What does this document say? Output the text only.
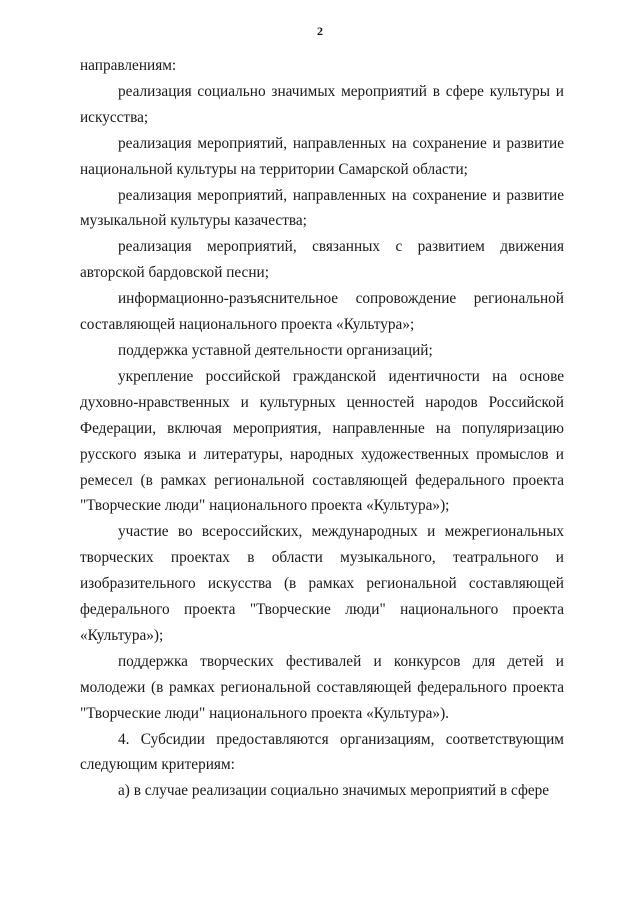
2

направлениям:

реализация социально значимых мероприятий в сфере культуры и искусства;

реализация мероприятий, направленных на сохранение и развитие национальной культуры на территории Самарской области;

реализация мероприятий, направленных на сохранение и развитие музыкальной культуры казачества;

реализация мероприятий, связанных с развитием движения авторской бардовской песни;

информационно-разъяснительное сопровождение региональной составляющей национального проекта «Культура»;

поддержка уставной деятельности организаций;

укрепление российской гражданской идентичности на основе духовно-нравственных и культурных ценностей народов Российской Федерации, включая мероприятия, направленные на популяризацию русского языка и литературы, народных художественных промыслов и ремесел (в рамках региональной составляющей федерального проекта "Творческие люди" национального проекта «Культура»);

участие во всероссийских, международных и межрегиональных творческих проектах в области музыкального, театрального и изобразительного искусства (в рамках региональной составляющей федерального проекта "Творческие люди" национального проекта «Культура»);

поддержка творческих фестивалей и конкурсов для детей и молодежи (в рамках региональной составляющей федерального проекта "Творческие люди" национального проекта «Культура»).

4. Субсидии предоставляются организациям, соответствующим следующим критериям:

а) в случае реализации социально значимых мероприятий в сфере
